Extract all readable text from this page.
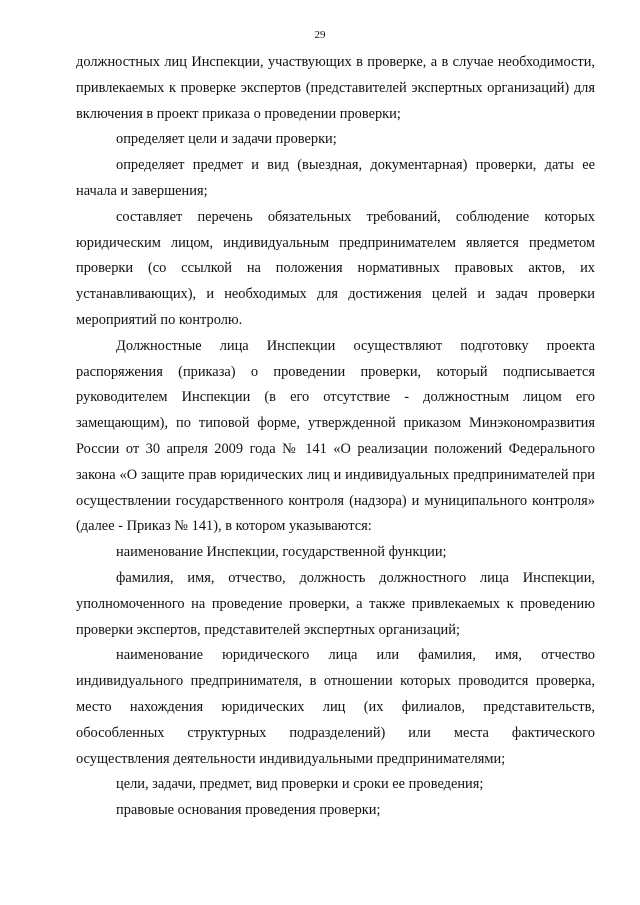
29

должностных лиц Инспекции, участвующих в проверке, а в случае необходимости, привлекаемых к проверке экспертов (представителей экспертных организаций) для включения в проект приказа о проведении проверки;

определяет цели и задачи проверки;

определяет предмет и вид (выездная, документарная) проверки, даты ее начала и завершения;

составляет перечень обязательных требований, соблюдение которых юридическим лицом, индивидуальным предпринимателем является предметом проверки (со ссылкой на положения нормативных правовых актов, их устанавливающих), и необходимых для достижения целей и задач проверки мероприятий по контролю.

Должностные лица Инспекции осуществляют подготовку проекта распоряжения (приказа) о проведении проверки, который подписывается руководителем Инспекции (в его отсутствие - должностным лицом его замещающим), по типовой форме, утвержденной приказом Минэкономразвития России от 30 апреля 2009 года № 141 «О реализации положений Федерального закона «О защите прав юридических лиц и индивидуальных предпринимателей при осуществлении государственного контроля (надзора) и муниципального контроля» (далее - Приказ № 141), в котором указываются:

наименование Инспекции, государственной функции;

фамилия, имя, отчество, должность должностного лица Инспекции, уполномоченного на проведение проверки, а также привлекаемых к проведению проверки экспертов, представителей экспертных организаций;

наименование юридического лица или фамилия, имя, отчество индивидуального предпринимателя, в отношении которых проводится проверка, место нахождения юридических лиц (их филиалов, представительств, обособленных структурных подразделений) или места фактического осуществления деятельности индивидуальными предпринимателями;

цели, задачи, предмет, вид проверки и сроки ее проведения;

правовые основания проведения проверки;
